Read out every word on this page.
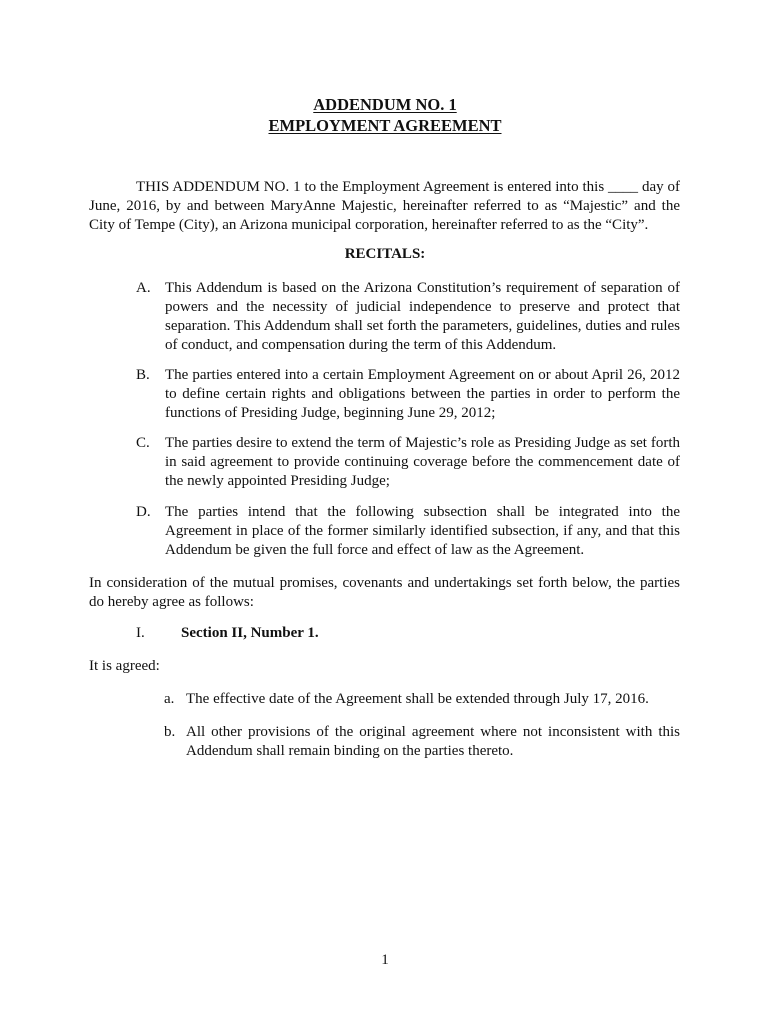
ADDENDUM NO. 1
EMPLOYMENT AGREEMENT
THIS ADDENDUM NO. 1 to the Employment Agreement is entered into this ____ day of June, 2016, by and between MaryAnne Majestic, hereinafter referred to as “Majestic” and the City of Tempe (City), an Arizona municipal corporation, hereinafter referred to as the “City”.
RECITALS:
A. This Addendum is based on the Arizona Constitution’s requirement of separation of powers and the necessity of judicial independence to preserve and protect that separation. This Addendum shall set forth the parameters, guidelines, duties and rules of conduct, and compensation during the term of this Addendum.
B. The parties entered into a certain Employment Agreement on or about April 26, 2012 to define certain rights and obligations between the parties in order to perform the functions of Presiding Judge, beginning June 29, 2012;
C. The parties desire to extend the term of Majestic’s role as Presiding Judge as set forth in said agreement to provide continuing coverage before the commencement date of the newly appointed Presiding Judge;
D. The parties intend that the following subsection shall be integrated into the Agreement in place of the former similarly identified subsection, if any, and that this Addendum be given the full force and effect of law as the Agreement.
In consideration of the mutual promises, covenants and undertakings set forth below, the parties do hereby agree as follows:
I. Section II, Number 1.
It is agreed:
a. The effective date of the Agreement shall be extended through July 17, 2016.
b. All other provisions of the original agreement where not inconsistent with this Addendum shall remain binding on the parties thereto.
1
